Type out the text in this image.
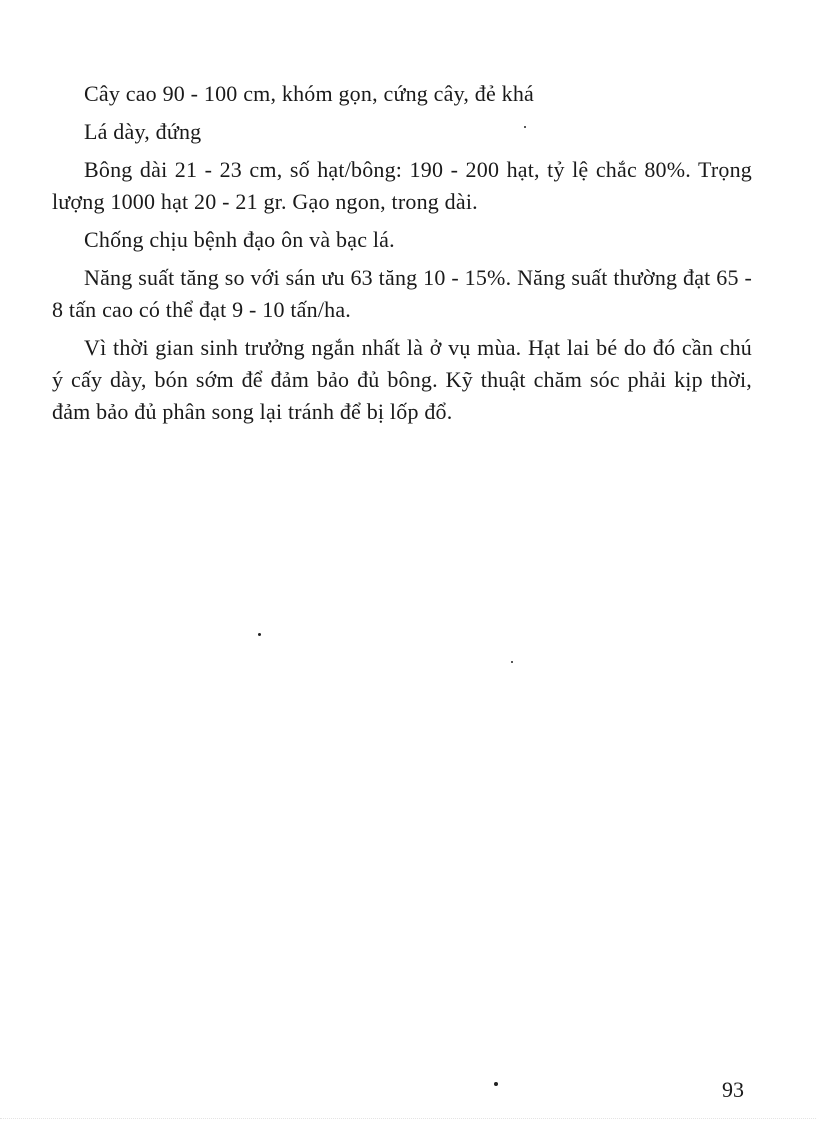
Cây cao 90 - 100 cm, khóm gọn, cứng cây, đẻ khá

Lá dày, đứng

Bông dài 21 - 23 cm, số hạt/bông: 190 - 200 hạt, tỷ lệ chắc 80%. Trọng lượng 1000 hạt 20 - 21 gr. Gạo ngon, trong dài.

Chống chịu bệnh đạo ôn và bạc lá.

Năng suất tăng so với sán ưu 63 tăng 10 - 15%. Năng suất thường đạt 65 - 8 tấn cao có thể đạt 9 - 10 tấn/ha.

Vì thời gian sinh trưởng ngắn nhất là ở vụ mùa. Hạt lai bé do đó cần chú ý cấy dày, bón sớm để đảm bảo đủ bông. Kỹ thuật chăm sóc phải kịp thời, đảm bảo đủ phân song lại tránh để bị lốp đổ.

93
